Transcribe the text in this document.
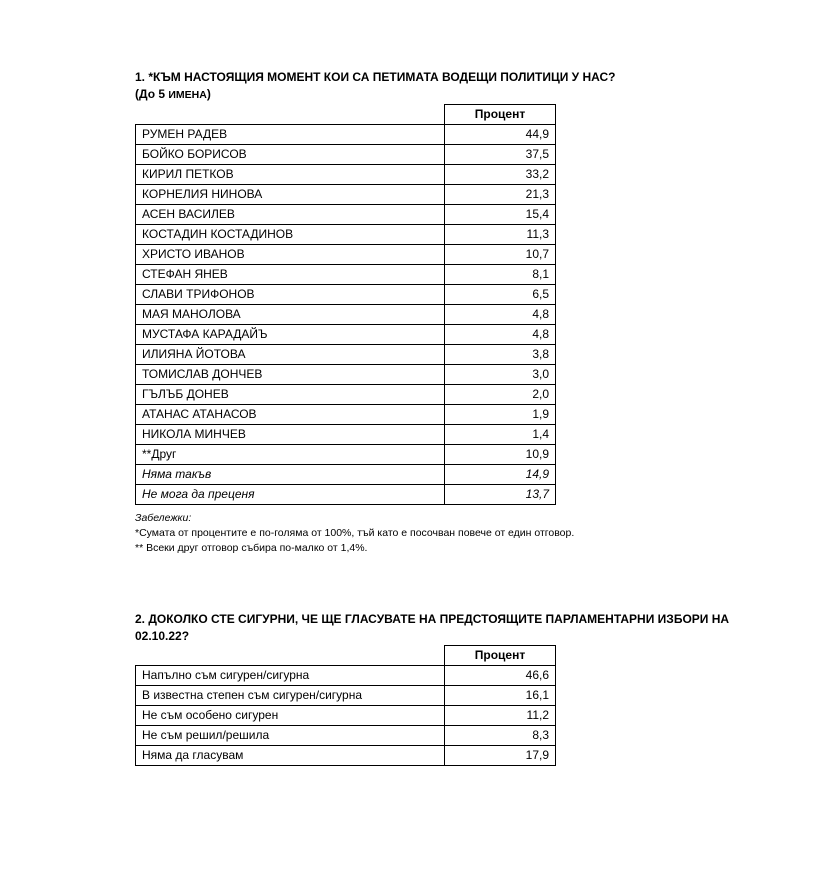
1. *КЪМ НАСТОЯЩИЯ МОМЕНТ КОИ СА ПЕТИМАТА ВОДЕЩИ ПОЛИТИЦИ У НАС?
(До 5 ИМЕНА)
	Процент
РУМЕН РАДЕВ	44,9
БОЙКО БОРИСОВ	37,5
КИРИЛ ПЕТКОВ	33,2
КОРНЕЛИЯ НИНОВА	21,3
АСЕН ВАСИЛЕВ	15,4
КОСТАДИН КОСТАДИНОВ	11,3
ХРИСТО ИВАНОВ	10,7
СТЕФАН ЯНЕВ	8,1
СЛАВИ ТРИФОНОВ	6,5
МАЯ МАНОЛОВА	4,8
МУСТАФА КАРАДАЙЪ	4,8
ИЛИЯНА ЙОТОВА	3,8
ТОМИСЛАВ ДОНЧЕВ	3,0
ГЪЛЪБ ДОНЕВ	2,0
АТАНАС АТАНАСОВ	1,9
НИКОЛА МИНЧЕВ	1,4
**Друг	10,9
Няма такъв	14,9
Не мога да преценя	13,7
Забележки:
*Сумата от процентите е по-голяма от 100%, тъй като е посочван повече от един отговор.
** Всеки друг отговор събира по-малко от 1,4%.
2. ДОКОЛКО СТЕ СИГУРНИ, ЧЕ ЩЕ ГЛАСУВАТЕ НА ПРЕДСТОЯЩИТЕ ПАРЛАМЕНТАРНИ ИЗБОРИ НА
02.10.22?
	Процент
Напълно съм сигурен/сигурна	46,6
В известна степен съм сигурен/сигурна	16,1
Не съм особено сигурен	11,2
Не съм решил/решила	8,3
Няма да гласувам	17,9
